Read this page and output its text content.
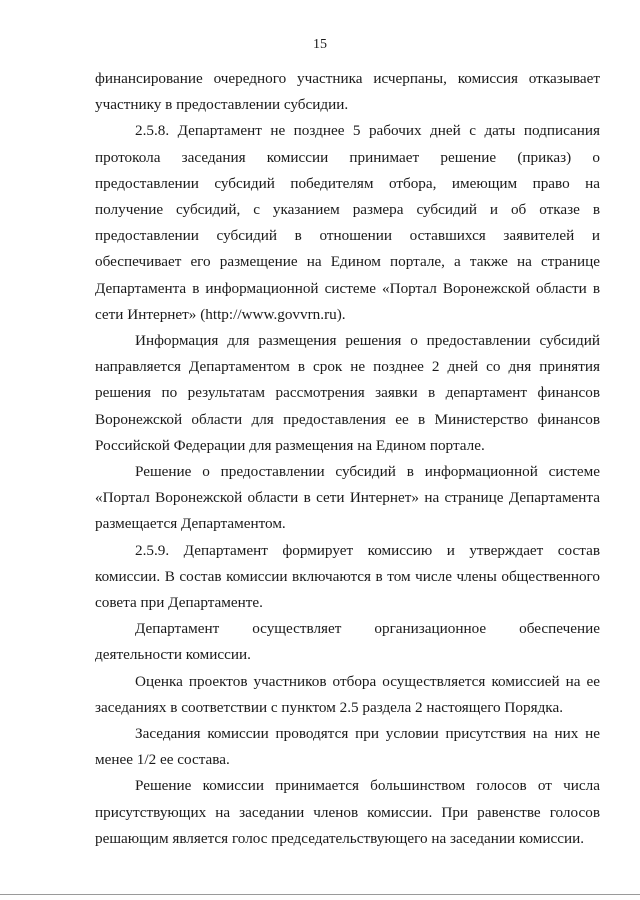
15

финансирование очередного участника исчерпаны, комиссия отказывает участнику в предоставлении субсидии.

2.5.8. Департамент не позднее 5 рабочих дней с даты подписания протокола заседания комиссии принимает решение (приказ) о предоставлении субсидий победителям отбора, имеющим право на получение субсидий, с указанием размера субсидий и об отказе в предоставлении субсидий в отношении оставшихся заявителей и обеспечивает его размещение на Едином портале, а также на странице Департамента в информационной системе «Портал Воронежской области в сети Интернет» (http://www.govvrn.ru).

Информация для размещения решения о предоставлении субсидий направляется Департаментом в срок не позднее 2 дней со дня принятия решения по результатам рассмотрения заявки в департамент финансов Воронежской области для предоставления ее в Министерство финансов Российской Федерации для размещения на Едином портале.

Решение о предоставлении субсидий в информационной системе «Портал Воронежской области в сети Интернет» на странице Департамента размещается Департаментом.

2.5.9. Департамент формирует комиссию и утверждает состав комиссии. В состав комиссии включаются в том числе члены общественного совета при Департаменте.

Департамент осуществляет организационное обеспечение деятельности комиссии.

Оценка проектов участников отбора осуществляется комиссией на ее заседаниях в соответствии с пунктом 2.5 раздела 2 настоящего Порядка.

Заседания комиссии проводятся при условии присутствия на них не менее 1/2 ее состава.

Решение комиссии принимается большинством голосов от числа присутствующих на заседании членов комиссии. При равенстве голосов решающим является голос председательствующего на заседании комиссии.
